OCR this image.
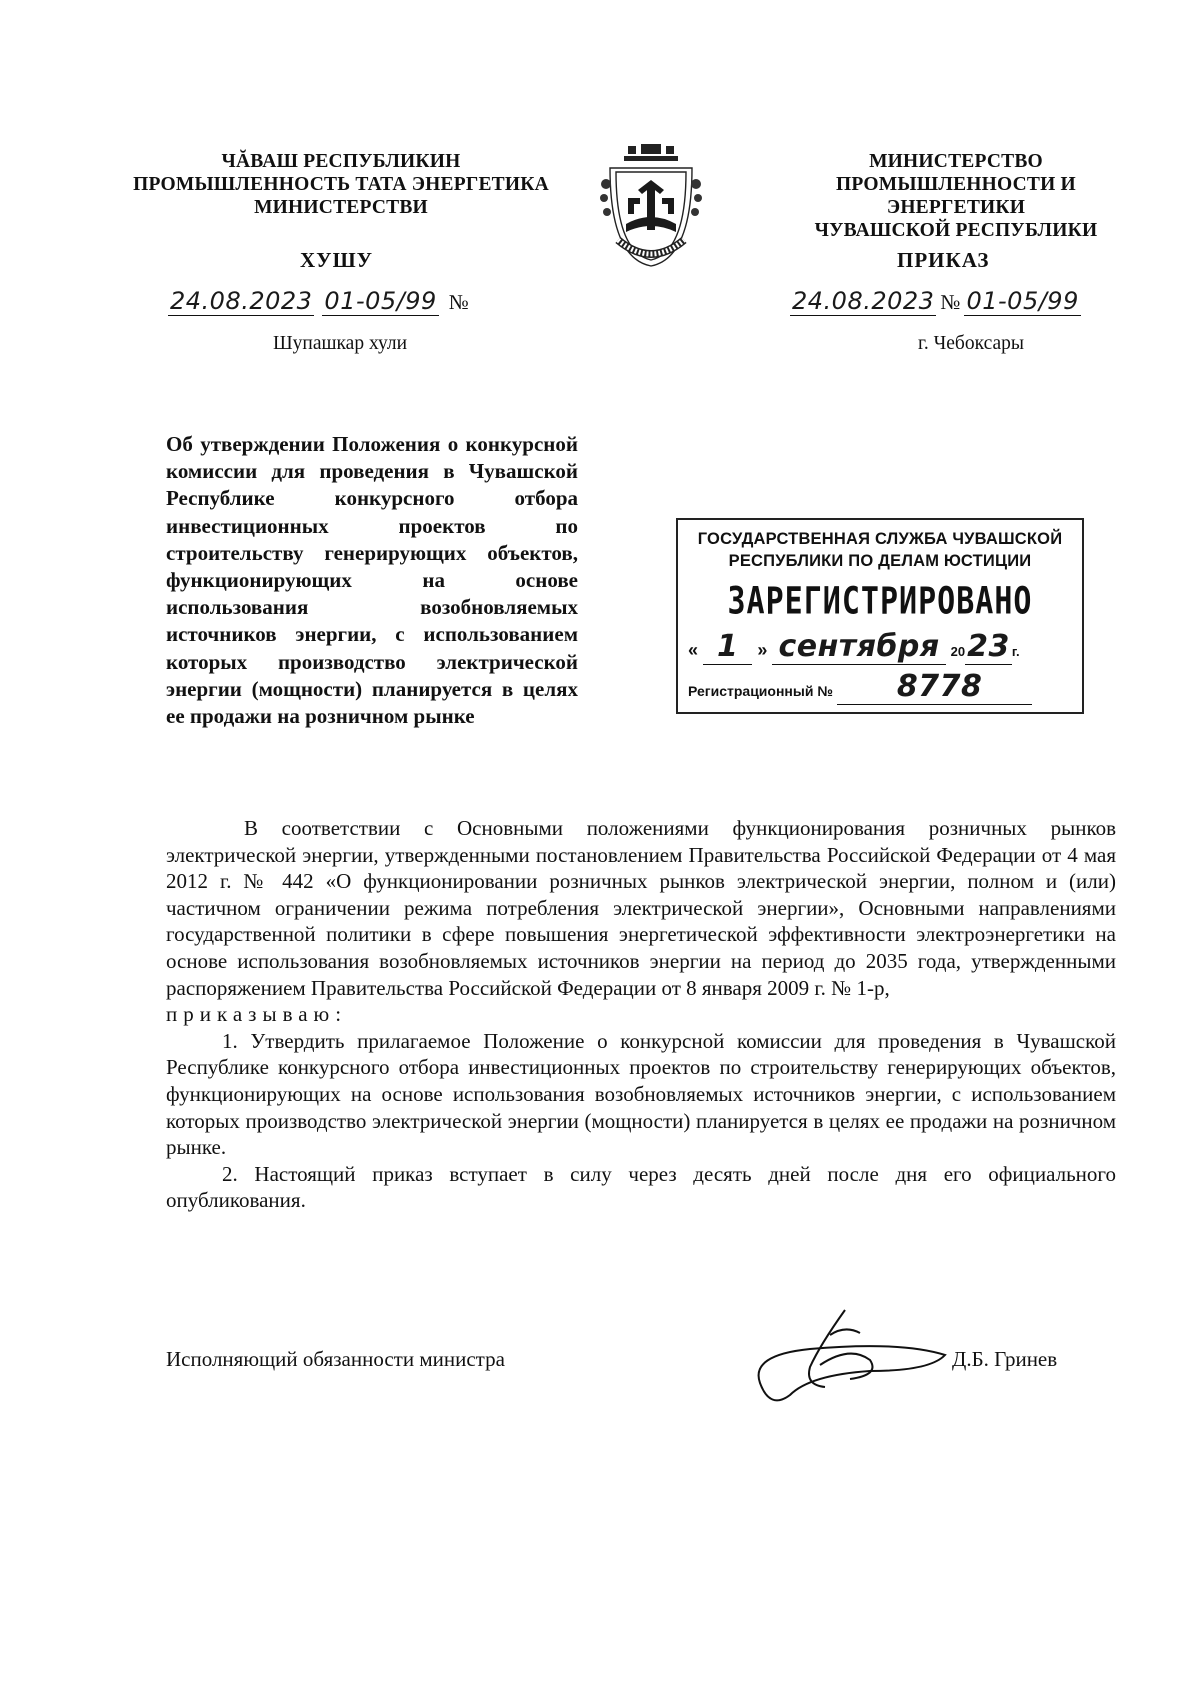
ЧĂВАШ РЕСПУБЛИКИН
ПРОМЫШЛЕННОСТЬ ТАТА ЭНЕРГЕТИКА
МИНИСТЕРСТВИ
ХУШУ
24.08.2023 01-05/99 №
Шупашкар хули
МИНИСТЕРСТВО
ПРОМЫШЛЕННОСТИ И ЭНЕРГЕТИКИ
ЧУВАШСКОЙ РЕСПУБЛИКИ
ПРИКАЗ
24.08.2023 № 01-05/99
г. Чебоксары
Об утверждении Положения о конкурсной комиссии для проведения в Чувашской Республике конкурсного отбора инвестиционных проектов по строительству генерирующих объектов, функционирующих на основе использования возобновляемых источников энергии, с использованием которых производство электрической энергии (мощности) планируется в целях ее продажи на розничном рынке
ГОСУДАРСТВЕННАЯ СЛУЖБА ЧУВАШСКОЙ
РЕСПУБЛИКИ ПО ДЕЛАМ ЮСТИЦИИ
ЗАРЕГИСТРИРОВАНО
« 1 » сентября 2023 г.
Регистрационный № 8778

В соответствии с Основными положениями функционирования розничных рынков электрической энергии, утвержденными постановлением Правительства Российской Федерации от 4 мая 2012 г. № 442 «О функционировании розничных рынков электрической энергии, полном и (или) частичном ограничении режима потребления электрической энергии», Основными направлениями государственной политики в сфере повышения энергетической эффективности электроэнергетики на основе использования возобновляемых источников энергии на период до 2035 года, утвержденными распоряжением Правительства Российской Федерации от 8 января 2009 г. № 1-р,

приказываю:

1. Утвердить прилагаемое Положение о конкурсной комиссии для проведения в Чувашской Республике конкурсного отбора инвестиционных проектов по строительству генерирующих объектов, функционирующих на основе использования возобновляемых источников энергии, с использованием которых производство электрической энергии (мощности) планируется в целях ее продажи на розничном рынке.

2. Настоящий приказ вступает в силу через десять дней после дня его официального опубликования.

Исполняющий обязанности министра	Д.Б. Гринев
